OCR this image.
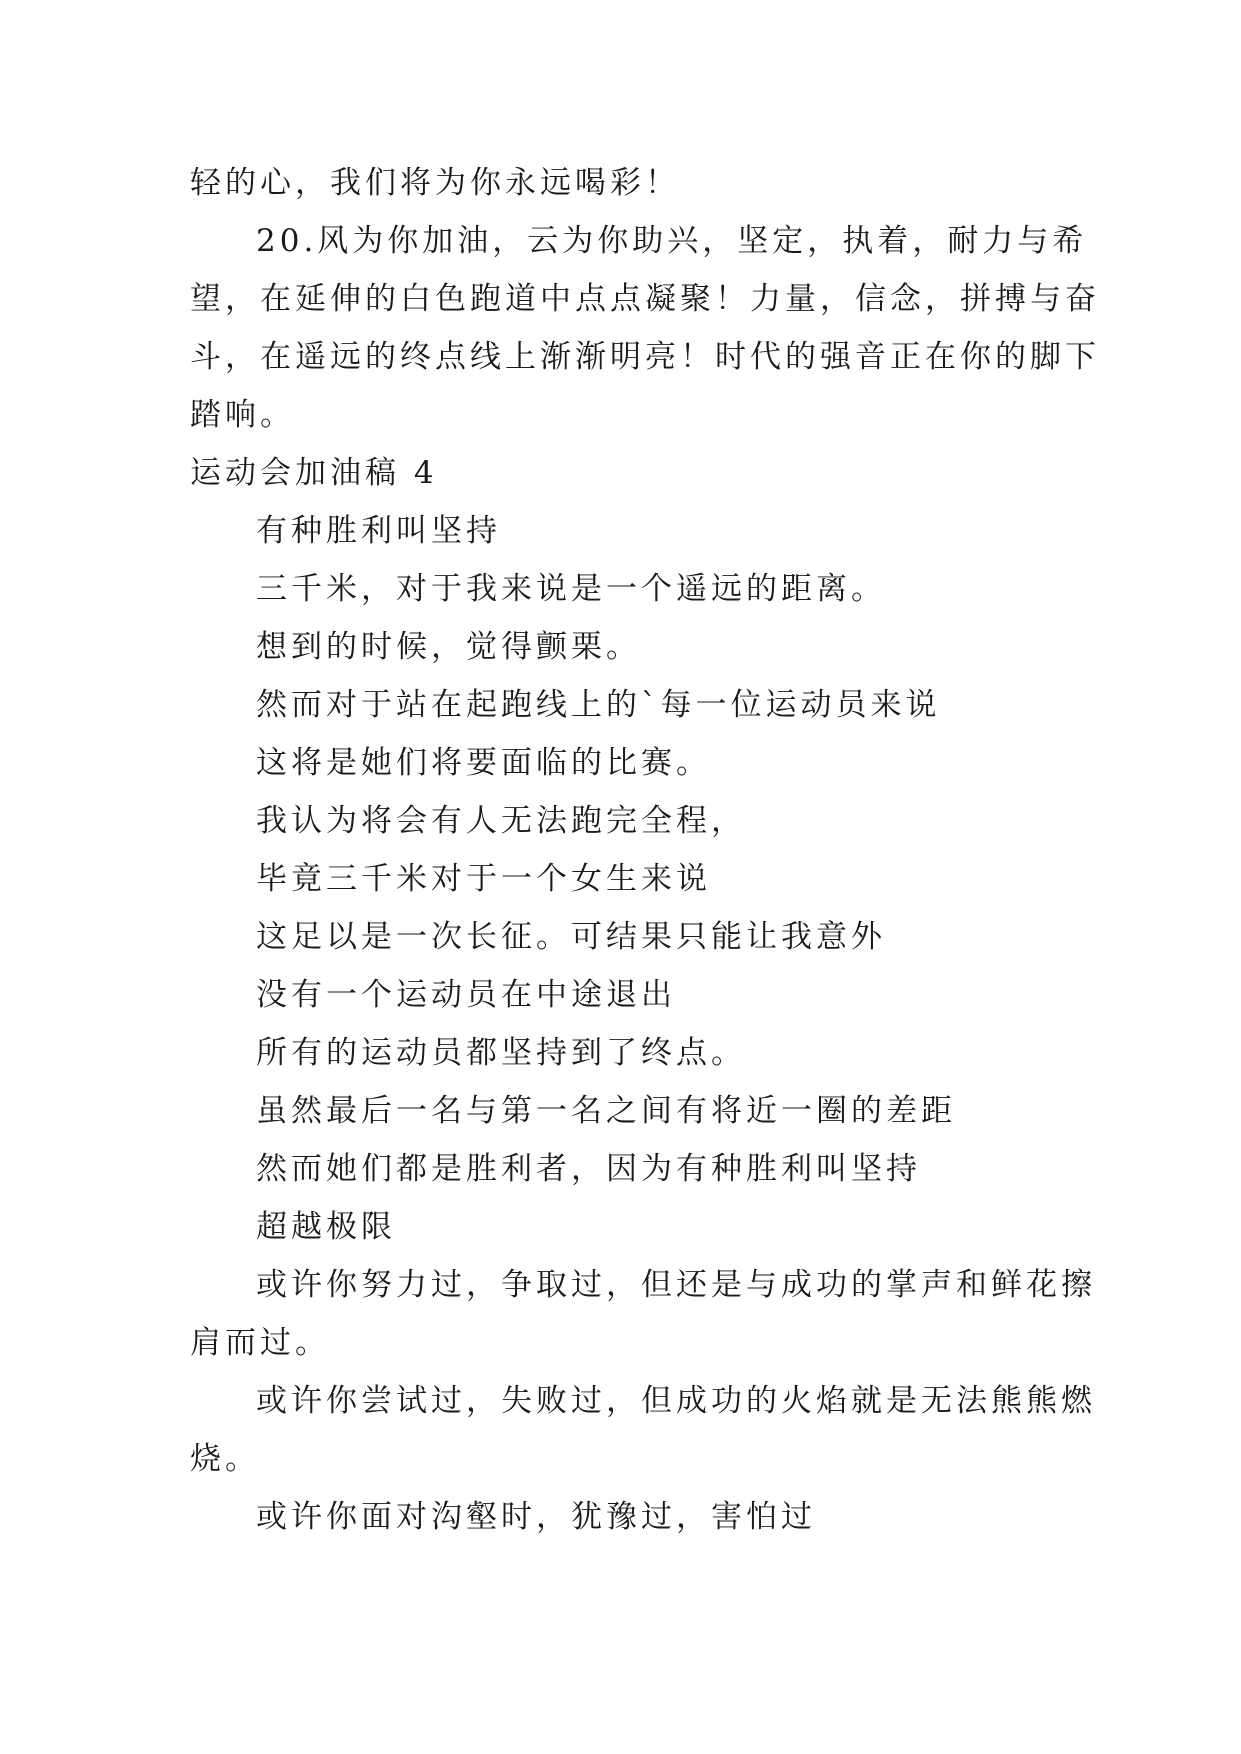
轻的心，我们将为你永远喝彩！
20.风为你加油，云为你助兴，坚定，执着，耐力与希
望，在延伸的白色跑道中点点凝聚！力量，信念，拼搏与奋
斗，在遥远的终点线上渐渐明亮！时代的强音正在你的脚下
踏响。
运动会加油稿 4
有种胜利叫坚持
三千米，对于我来说是一个遥远的距离。
想到的时候，觉得颤栗。
然而对于站在起跑线上的`每一位运动员来说
这将是她们将要面临的比赛。
我认为将会有人无法跑完全程，
毕竟三千米对于一个女生来说
这足以是一次长征。可结果只能让我意外
没有一个运动员在中途退出
所有的运动员都坚持到了终点。
虽然最后一名与第一名之间有将近一圈的差距
然而她们都是胜利者，因为有种胜利叫坚持
超越极限
或许你努力过，争取过，但还是与成功的掌声和鲜花擦
肩而过。
或许你尝试过，失败过，但成功的火焰就是无法熊熊燃
烧。
或许你面对沟壑时，犹豫过，害怕过
